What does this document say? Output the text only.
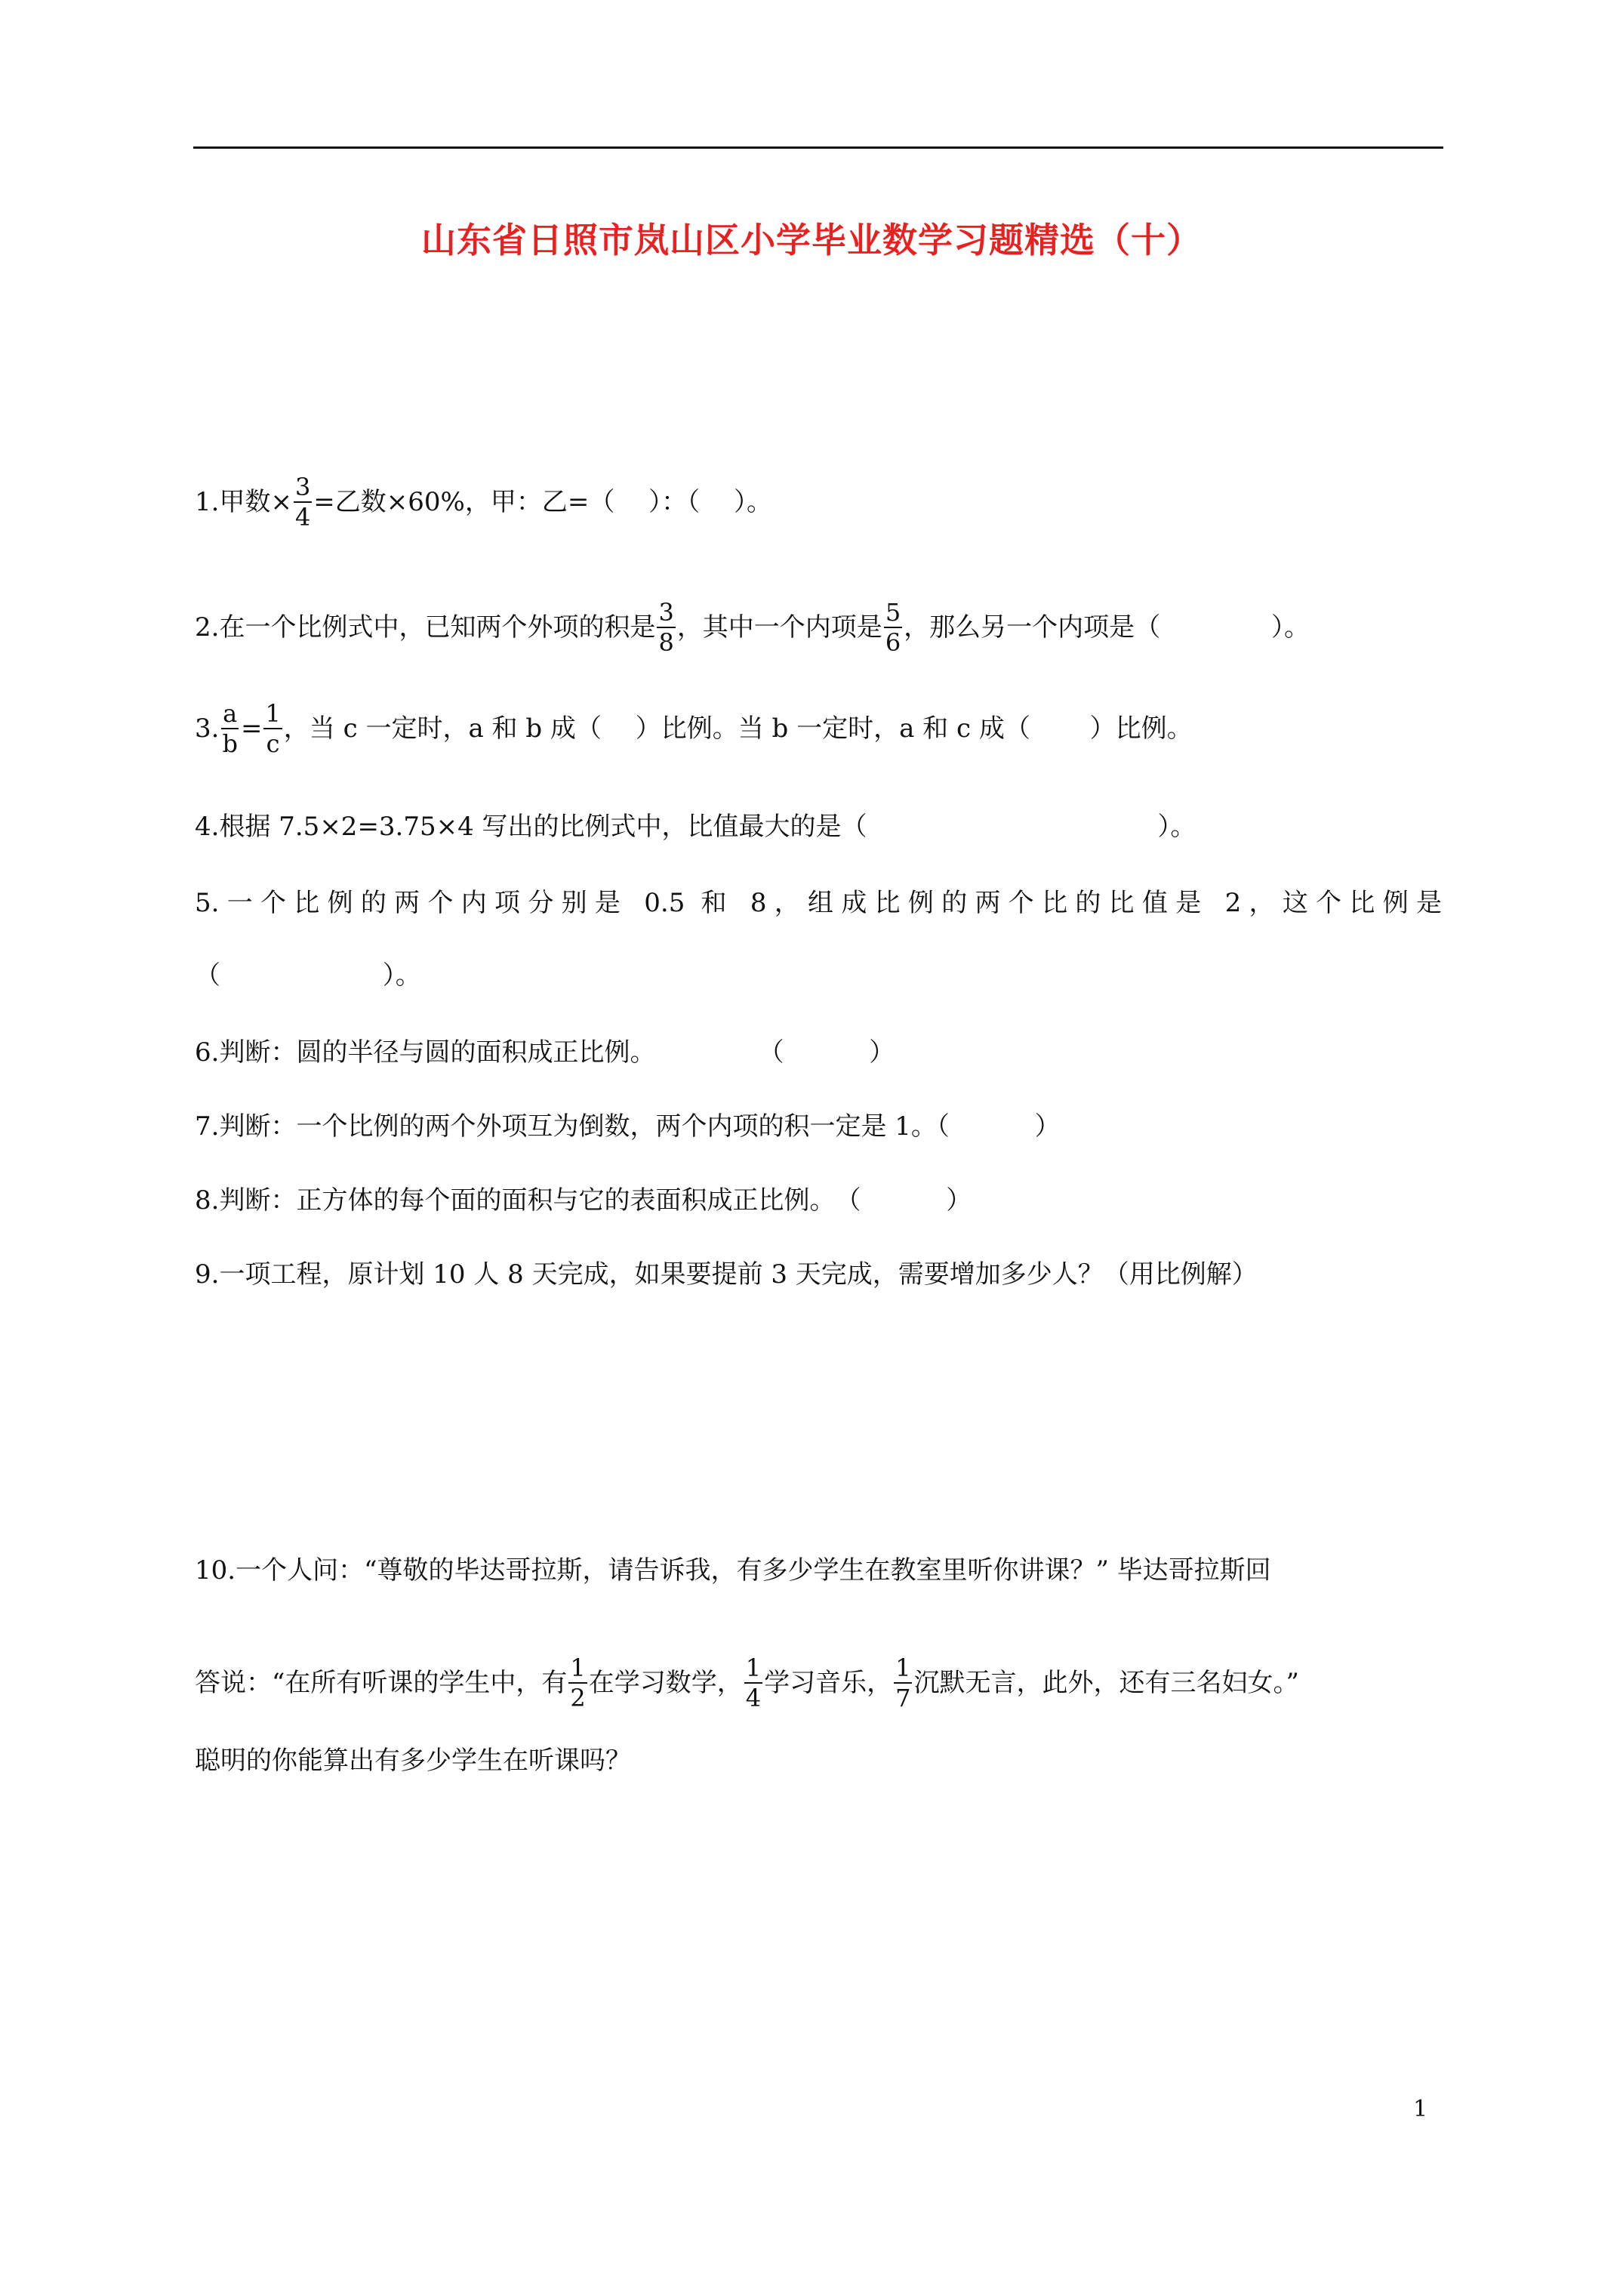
山东省日照市岚山区小学毕业数学习题精选（十）
1.甲数× $\frac{3}{4}$ =乙数×60%，甲：乙=（　 ）：（　 ）。
2.在一个比例式中，已知两个外项的积是 $\frac{3}{8}$ ，其中一个内项是 $\frac{5}{6}$ ，那么另一个内项是（　　　　 ）。
3. $\frac{a}{b} = \frac{1}{c}$ ，当 c 一定时，a 和 b 成（　 ）比例。当 b 一定时，a 和 c 成（　　 ）比例。
4.根据 7.5×2=3.75×4 写出的比例式中，比值最大的是（　　　　　　　　　　　 ）。
5.一个比例的两个内项分别是 0.5 和 8，组成比例的两个比的比值是 2，这个比例是
（　　　　　　 ）。
6.判断：圆的半径与圆的面积成正比例。　　　　　（　　　 ）
7.判断：一个比例的两个外项互为倒数，两个内项的积一定是 1。（　　　 ）
8.判断：正方体的每个面的面积与它的表面积成正比例。　（　　　 ）
9.一项工程，原计划 10 人 8 天完成，如果要提前 3 天完成，需要增加多少人？（用比例解）
10.一个人问：“尊敬的毕达哥拉斯，请告诉我，有多少学生在教室里听你讲课？” 毕达哥拉斯回
答说：“在所有听课的学生中，有 $\frac{1}{2}$ 在学习数学， $\frac{1}{4}$ 学习音乐， $\frac{1}{7}$ 沉默无言，此外，还有三名妇女。”
聪明的你能算出有多少学生在听课吗？
1
